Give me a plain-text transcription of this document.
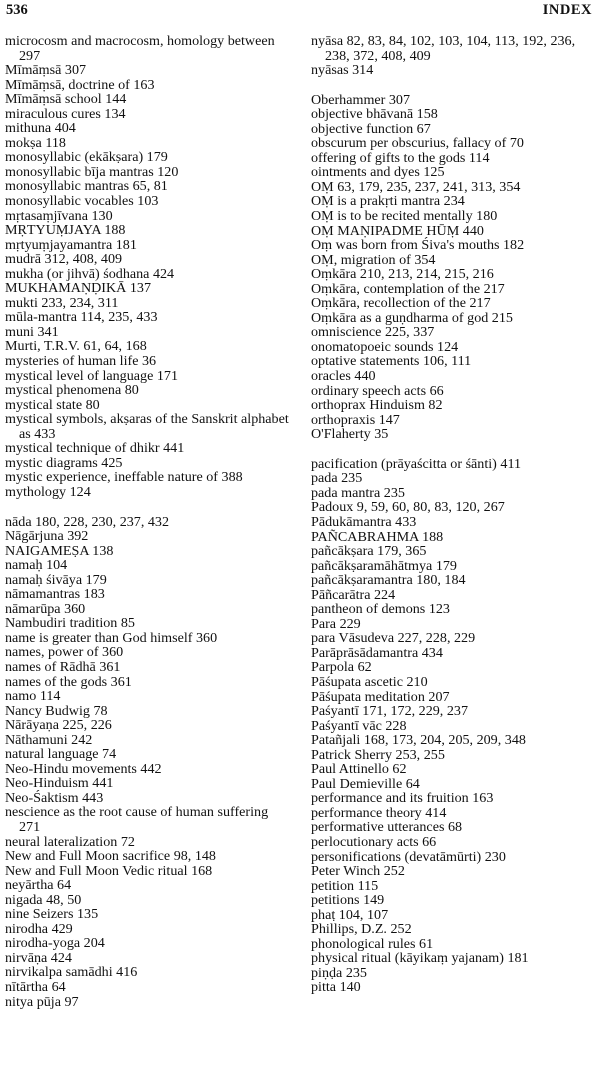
536	INDEX
microcosm and macrocosm, homology between 297
Mīmāṃsā 307
Mīmāṃsā, doctrine of 163
Mīmāṃsā school 144
miraculous cures 134
mithuna 404
mokṣa 118
monosyllabic (ekākṣara) 179
monosyllabic bīja mantras 120
monosyllabic mantras 65, 81
monosyllabic vocables 103
mṛtasaṃjīvana 130
MṚTYUṂJAYA 188
mṛtyuṃjayamantra 181
mudrā 312, 408, 409
mukha (or jihvā) śodhana 424
MUKHAMAṆḌIKĀ 137
mukti 233, 234, 311
mūla-mantra 114, 235, 433
muni 341
Murti, T.R.V. 61, 64, 168
mysteries of human life 36
mystical level of language 171
mystical phenomena 80
mystical state 80
mystical symbols, akṣaras of the Sanskrit alphabet as 433
mystical technique of dhikr 441
mystic diagrams 425
mystic experience, ineffable nature of 388
mythology 124
nāda 180, 228, 230, 237, 432
Nāgārjuna 392
NAIGAMEṢA 138
namaḥ 104
namaḥ śivāya 179
nāmamantras 183
nāmarūpa 360
Nambudiri tradition 85
name is greater than God himself 360
names, power of 360
names of Rādhā 361
names of the gods 361
namo 114
Nancy Budwig 78
Nārāyaṇa 225, 226
Nāthamuni 242
natural language 74
Neo-Hindu movements 442
Neo-Hinduism 441
Neo-Śaktism 443
nescience as the root cause of human suffering 271
neural lateralization 72
New and Full Moon sacrifice 98, 148
New and Full Moon Vedic ritual 168
neyārtha 64
nigada 48, 50
nine Seizers 135
nirodha 429
nirodha-yoga 204
nirvāṇa 424
nirvikalpa samādhi 416
nītārtha 64
nitya pūja 97
nyāsa 82, 83, 84, 102, 103, 104, 113, 192, 236, 238, 372, 408, 409
nyāsas 314
Oberhammer 307
objective bhāvanā 158
objective function 67
obscurum per obscurius, fallacy of 70
offering of gifts to the gods 114
ointments and dyes 125
OṂ 63, 179, 235, 237, 241, 313, 354
OṂ is a prakṛti mantra 234
OṂ is to be recited mentally 180
OṂ MAṆIPADME HŪṂ 440
Oṃ was born from Śiva's mouths 182
OṂ, migration of 354
Oṃkāra 210, 213, 214, 215, 216
Oṃkāra, contemplation of the 217
Oṃkāra, recollection of the 217
Oṃkāra as a guṇdharma of god 215
omniscience 225, 337
onomatopoeic sounds 124
optative statements 106, 111
oracles 440
ordinary speech acts 66
orthoprax Hinduism 82
orthopraxis 147
O'Flaherty 35
pacification (prāyaścitta or śānti) 411
pada 235
pada mantra 235
Padoux 9, 59, 60, 80, 83, 120, 267
Pādukāmantra 433
PAÑCABRAHMA 188
pañcākṣara 179, 365
pañcākṣaramāhātmya 179
pañcākṣaramantra 180, 184
Pāñcarātra 224
pantheon of demons 123
Para 229
para Vāsudeva 227, 228, 229
Parāprāsādamantra 434
Parpola 62
Pāśupata ascetic 210
Pāśupata meditation 207
Paśyantī 171, 172, 229, 237
Paśyantī vāc 228
Patañjali 168, 173, 204, 205, 209, 348
Patrick Sherry 253, 255
Paul Attinello 62
Paul Demieville 64
performance and its fruition 163
performance theory 414
performative utterances 68
perlocutionary acts 66
personifications (devatāmūrti) 230
Peter Winch 252
petition 115
petitions 149
phaṭ 104, 107
Phillips, D.Z. 252
phonological rules 61
physical ritual (kāyikaṃ yajanam) 181
piṇḍa 235
pitta 140
